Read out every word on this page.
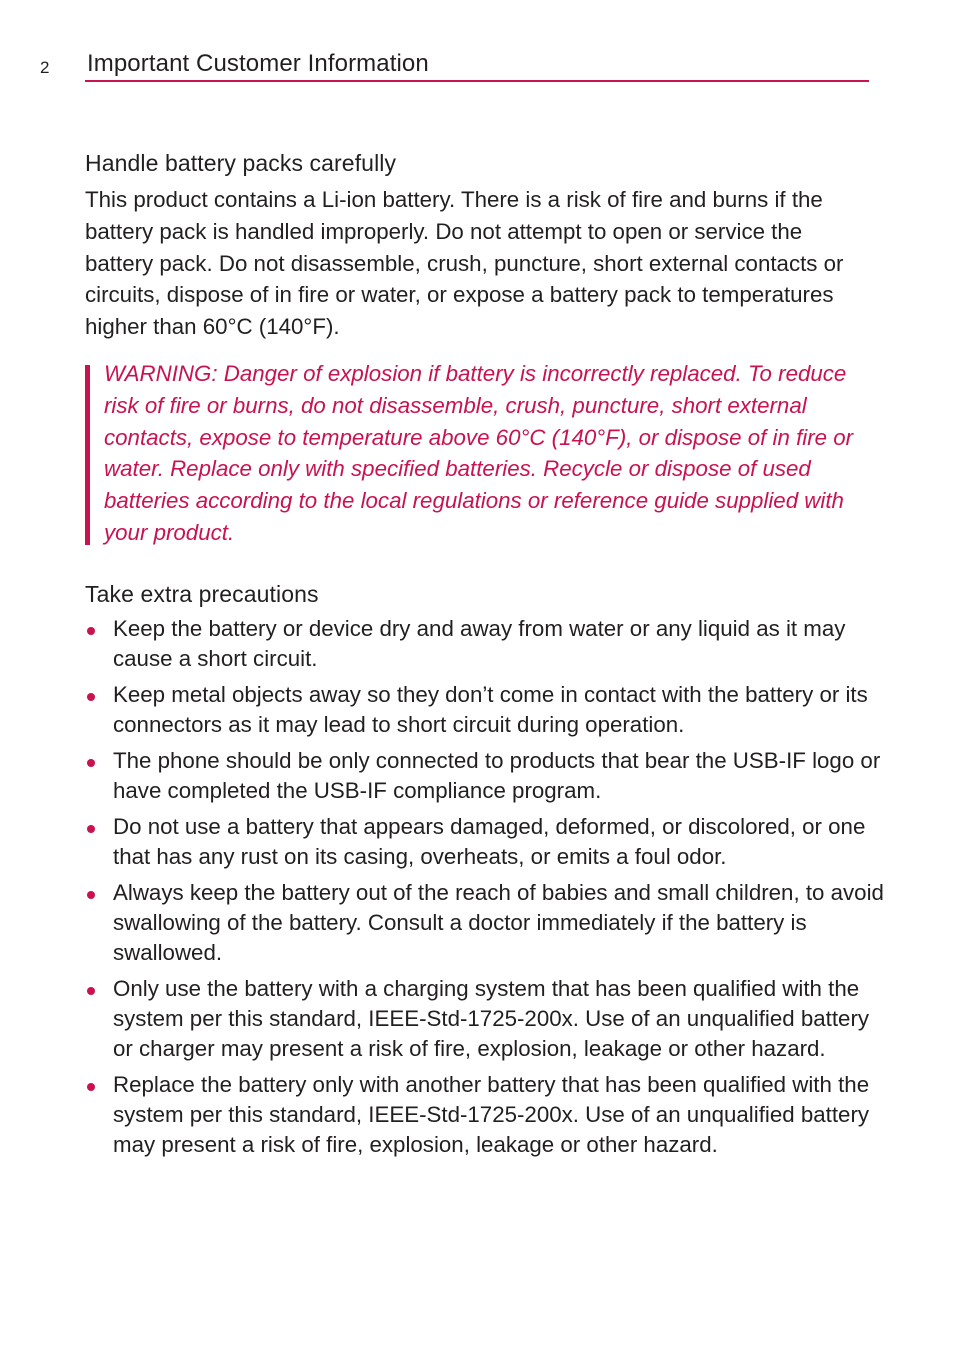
2 Important Customer Information
Handle battery packs carefully
This product contains a Li-ion battery. There is a risk of fire and burns if the battery pack is handled improperly. Do not attempt to open or service the battery pack. Do not disassemble, crush, puncture, short external contacts or circuits, dispose of in fire or water, or expose a battery pack to temperatures higher than 60°C (140°F).
WARNING: Danger of explosion if battery is incorrectly replaced. To reduce risk of fire or burns, do not disassemble, crush, puncture, short external contacts, expose to temperature above 60°C (140°F), or dispose of in fire or water. Replace only with specified batteries. Recycle or dispose of used batteries according to the local regulations or reference guide supplied with your product.
Take extra precautions
Keep the battery or device dry and away from water or any liquid as it may cause a short circuit.
Keep metal objects away so they don’t come in contact with the battery or its connectors as it may lead to short circuit during operation.
The phone should be only connected to products that bear the USB-IF logo or have completed the USB-IF compliance program.
Do not use a battery that appears damaged, deformed, or discolored, or one that has any rust on its casing, overheats, or emits a foul odor.
Always keep the battery out of the reach of babies and small children, to avoid swallowing of the battery. Consult a doctor immediately if the battery is swallowed.
Only use the battery with a charging system that has been qualified with the system per this standard, IEEE-Std-1725-200x. Use of an unqualified battery or charger may present a risk of fire, explosion, leakage or other hazard.
Replace the battery only with another battery that has been qualified with the system per this standard, IEEE-Std-1725-200x. Use of an unqualified battery may present a risk of fire, explosion, leakage or other hazard.
